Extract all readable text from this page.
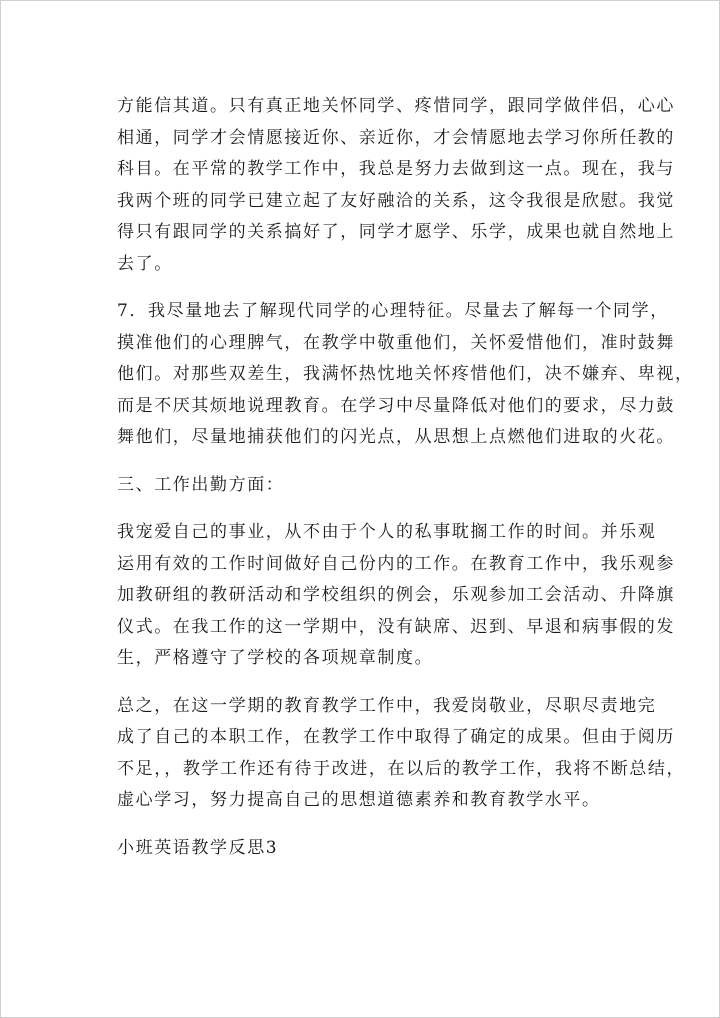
方能信其道。只有真正地关怀同学、疼惜同学，跟同学做伴侣，心心
相通，同学才会情愿接近你、亲近你，才会情愿地去学习你所任教的
科目。在平常的教学工作中，我总是努力去做到这一点。现在，我与
我两个班的同学已建立起了友好融洽的关系，这令我很是欣慰。我觉
得只有跟同学的关系搞好了，同学才愿学、乐学，成果也就自然地上
去了。
7．我尽量地去了解现代同学的心理特征。尽量去了解每一个同学，
摸准他们的心理脾气，在教学中敬重他们，关怀爱惜他们，准时鼓舞
他们。对那些双差生，我满怀热忱地关怀疼惜他们，决不嫌弃、卑视，
而是不厌其烦地说理教育。在学习中尽量降低对他们的要求，尽力鼓
舞他们，尽量地捕获他们的闪光点，从思想上点燃他们进取的火花。
三、工作出勤方面：
我宠爱自己的事业，从不由于个人的私事耽搁工作的时间。并乐观
运用有效的工作时间做好自己份内的工作。在教育工作中，我乐观参
加教研组的教研活动和学校组织的例会，乐观参加工会活动、升降旗
仪式。在我工作的这一学期中，没有缺席、迟到、早退和病事假的发
生，严格遵守了学校的各项规章制度。
总之，在这一学期的教育教学工作中，我爱岗敬业，尽职尽责地完
成了自己的本职工作，在教学工作中取得了确定的成果。但由于阅历
不足，，教学工作还有待于改进，在以后的教学工作，我将不断总结，
虚心学习，努力提高自己的思想道德素养和教育教学水平。
小班英语教学反思3
